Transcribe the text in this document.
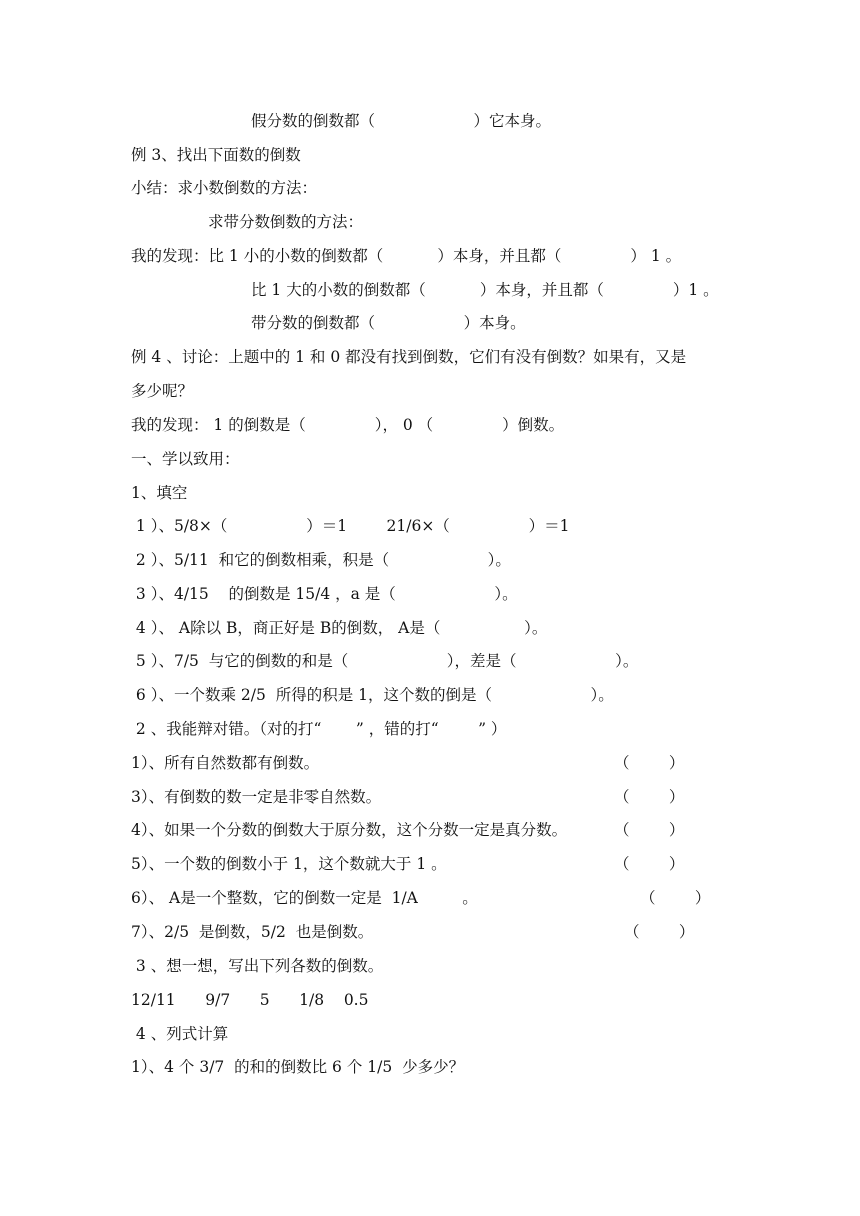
假分数的倒数都（                    ）它本身。
例 3、找出下面数的倒数
小结：求小数倒数的方法：
求带分数倒数的方法：
我的发现：比 1 小的小数的倒数都（           ）本身，并且都（              ） 1 。
比 1 大的小数的倒数都（           ）本身，并且都（              ）1 。
带分数的倒数都（                  ）本身。
例 4 、讨论：上题中的 1 和 0 都没有找到倒数，它们有没有倒数？如果有，又是
多少呢？
我的发现： 1 的倒数是（              ）， 0 （              ）倒数。
一、学以致用：
1、填空
1 ）、5/8×（                ）＝1        21/6×（                ）＝1
2 ）、5/11  和它的倒数相乘，积是（                    ）。
3 ）、4/15    的倒数是 15/4 ，a 是（                    ）。
4 ）、 A除以 B，商正好是 B的倒数， A是（                 ）。
5 ）、7/5  与它的倒数的和是（                    ），差是（                    ）。
6 ）、一个数乘 2/5  所得的积是 1，这个数的倒是（                    ）。
2 、我能辩对错。（对的打“       ” ，错的打“        ” ）
1）、所有自然数都有倒数。	（        ）
3）、有倒数的数一定是非零自然数。	（        ）
4）、如果一个分数的倒数大于原分数，这个分数一定是真分数。	（        ）
5）、一个数的倒数小于 1，这个数就大于 1 。	（        ）
6）、 A是一个整数，它的倒数一定是  1/A         。	（        ）
7）、2/5  是倒数，5/2  也是倒数。	（        ）
3 、想一想，写出下列各数的倒数。
12/11      9/7      5      1/8    0.5
4 、列式计算
1）、4 个 3/7  的和的倒数比 6 个 1/5  少多少？
